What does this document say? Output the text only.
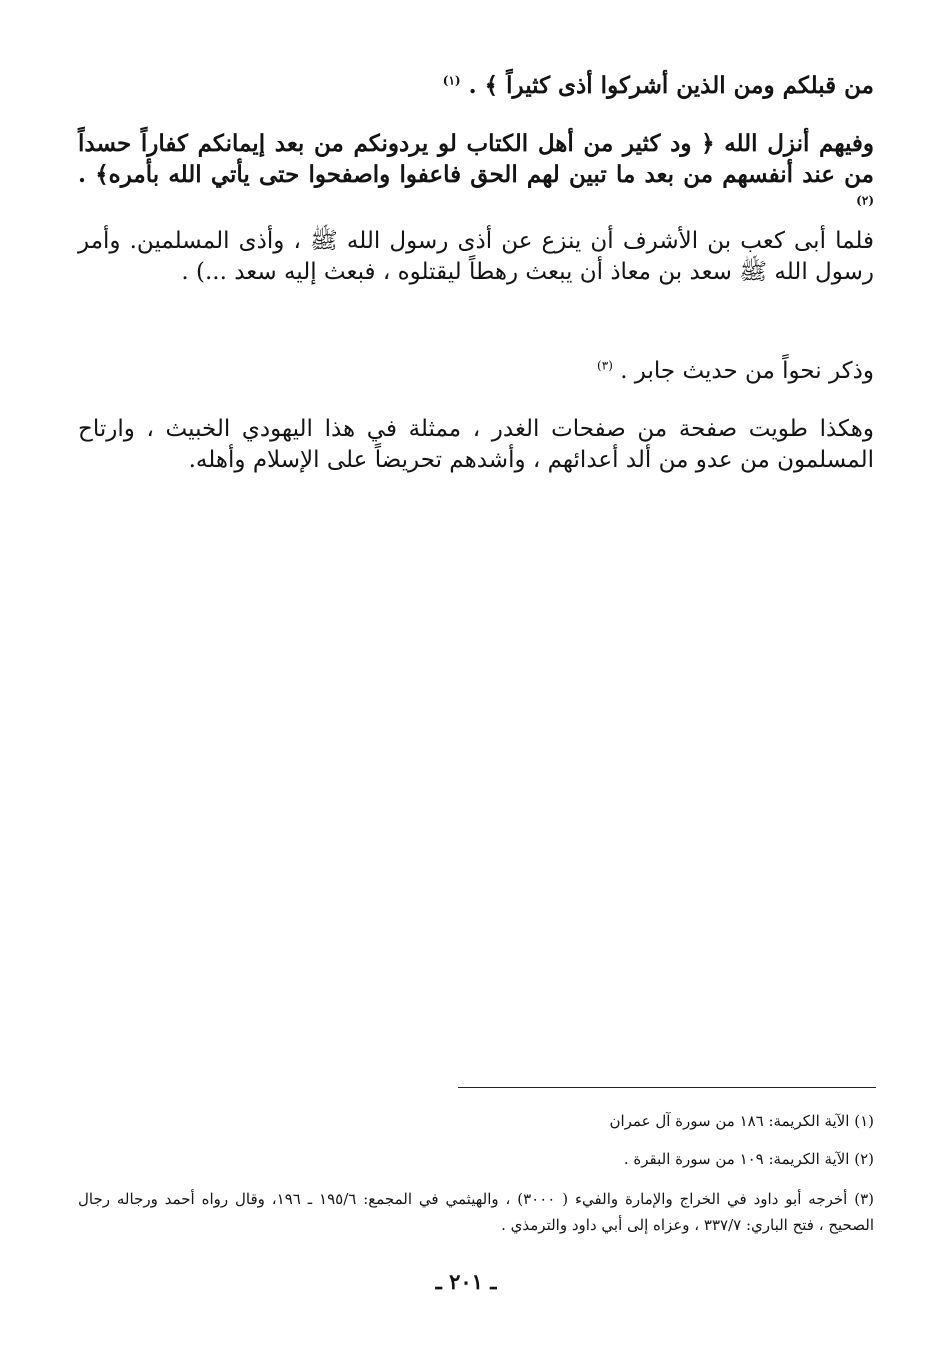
من قبلكم ومن الذين أشركوا أذى كثيراً ﴾ . $^{(١)}$
وفيهم أنزل الله ﴿ ود كثير من أهل الكتاب لو يردونكم من بعد إيمانكم كفاراً حسداً من عند أنفسهم من بعد ما تبين لهم الحق فاعفوا واصفحوا حتى يأتي الله بأمره﴾ . $^{(٢)}$
فلما أبى كعب بن الأشرف أن ينزع عن أذى رسول الله ﷺ ، وأذى المسلمين. وأمر رسول الله ﷺ سعد بن معاذ أن يبعث رهطاً ليقتلوه ، فبعث إليه سعد ...) .
وذكر نحواً من حديث جابر . $^{(٣)}$
وهكذا طويت صفحة من صفحات الغدر ، ممثلة في هذا اليهودي الخبيث ، وارتاح المسلمون من عدو من ألد أعدائهم ، وأشدهم تحريضاً على الإسلام وأهله.
(١) الآية الكريمة: ١٨٦ من سورة آل عمران
(٢) الآية الكريمة: ١٠٩ من سورة البقرة .
(٣) أخرجه أبو داود في الخراج والإمارة والفيء ( ٣٠٠٠) ، والهيثمي في المجمع: ١٩٥/٦ ـ ١٩٦، وقال رواه أحمد ورجاله رجال الصحيح ، فتح الباري: ٣٣٧/٧ ، وعزاه إلى أبي داود والترمذي .
ـ ٢٠١ ـ
